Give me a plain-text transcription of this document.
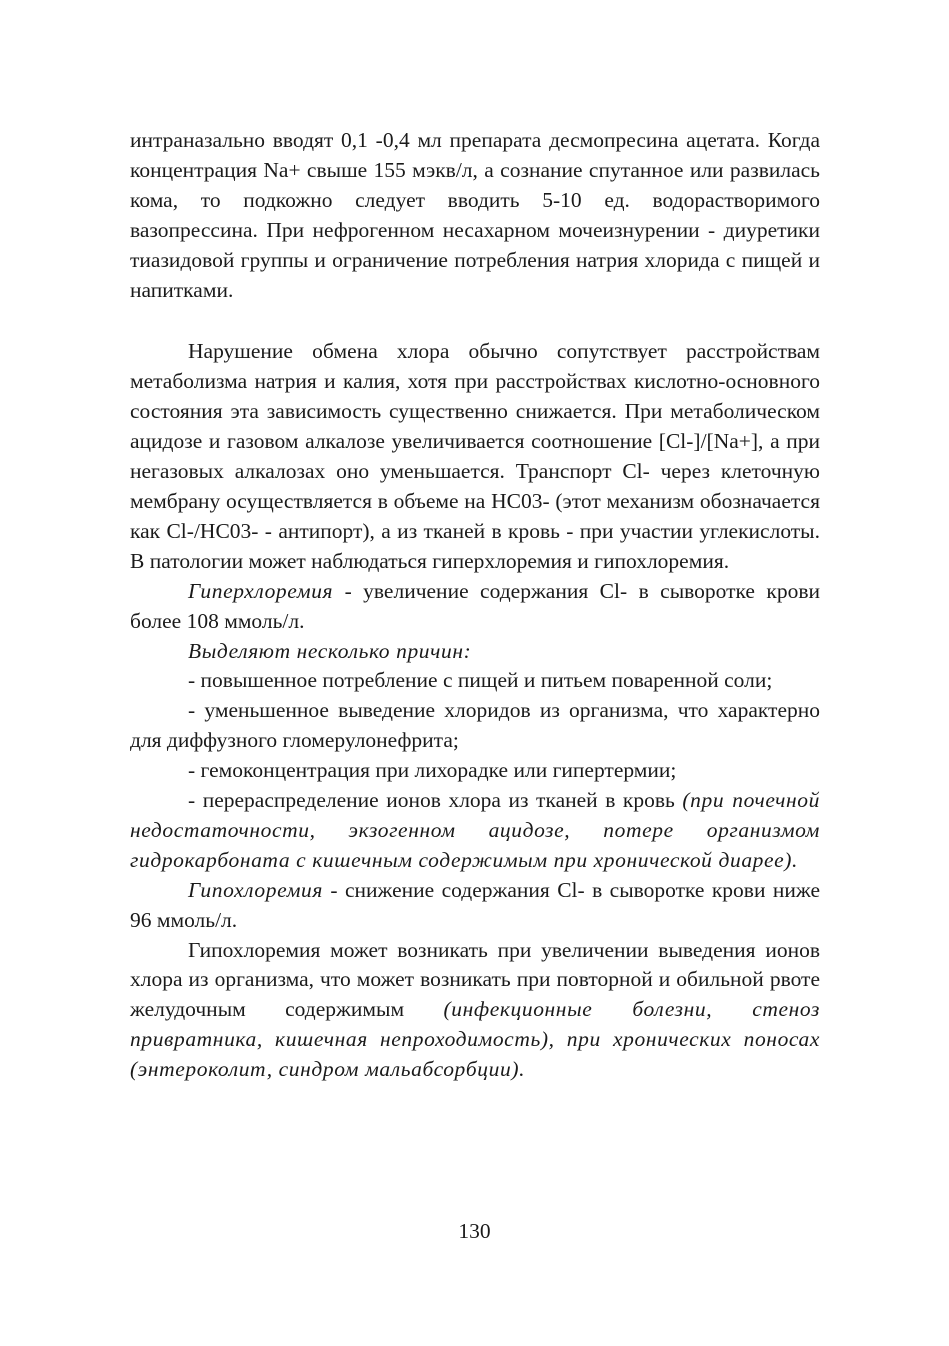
интраназально вводят 0,1 -0,4 мл препарата десмопресина ацетата. Когда концентрация Na+ свыше 155 мэкв/л, а сознание спутанное или развилась кома, то подкожно следует вводить 5-10 ед. водорастворимого вазопрессина. При нефрогенном несахарном мочеизнурении - диуретики тиазидовой группы и ограничение потребления натрия хлорида с пищей и напитками.

Нарушение обмена хлора обычно сопутствует расстройствам метаболизма натрия и калия, хотя при расстройствах кислотно-основного состояния эта зависимость существенно снижается. При метаболическом ацидозе и газовом алкалозе увеличивается соотношение [Cl-]/[Na+], а при негазовых алкалозах оно уменьшается. Транспорт Cl- через клеточную мембрану осуществляется в объеме на НС03- (этот механизм обозначается как Cl-/НС03- - антипорт), а из тканей в кровь - при участии углекислоты. В патологии может наблюдаться гиперхлоремия и гипохлоремия.

Гиперхлоремия - увеличение содержания Cl- в сыворотке крови более 108 ммоль/л.

Выделяют несколько причин:

- повышенное потребление с пищей и питьем поваренной соли;

- уменьшенное выведение хлоридов из организма, что характерно для диффузного гломерулонефрита;

- гемоконцентрация при лихорадке или гипертермии;

- перераспределение ионов хлора из тканей в кровь (при почечной недостаточности, экзогенном ацидозе, потере организмом гидрокарбоната с кишечным содержимым при хронической диарее).

Гипохлоремия - снижение содержания Cl- в сыворотке крови ниже 96 ммоль/л.

Гипохлоремия может возникать при увеличении выведения ионов хлора из организма, что может возникать при повторной и обильной рвоте желудочным содержимым (инфекционные болезни, стеноз привратника, кишечная непроходимость), при хронических поносах (энтероколит, синдром мальабсорбции).

130
